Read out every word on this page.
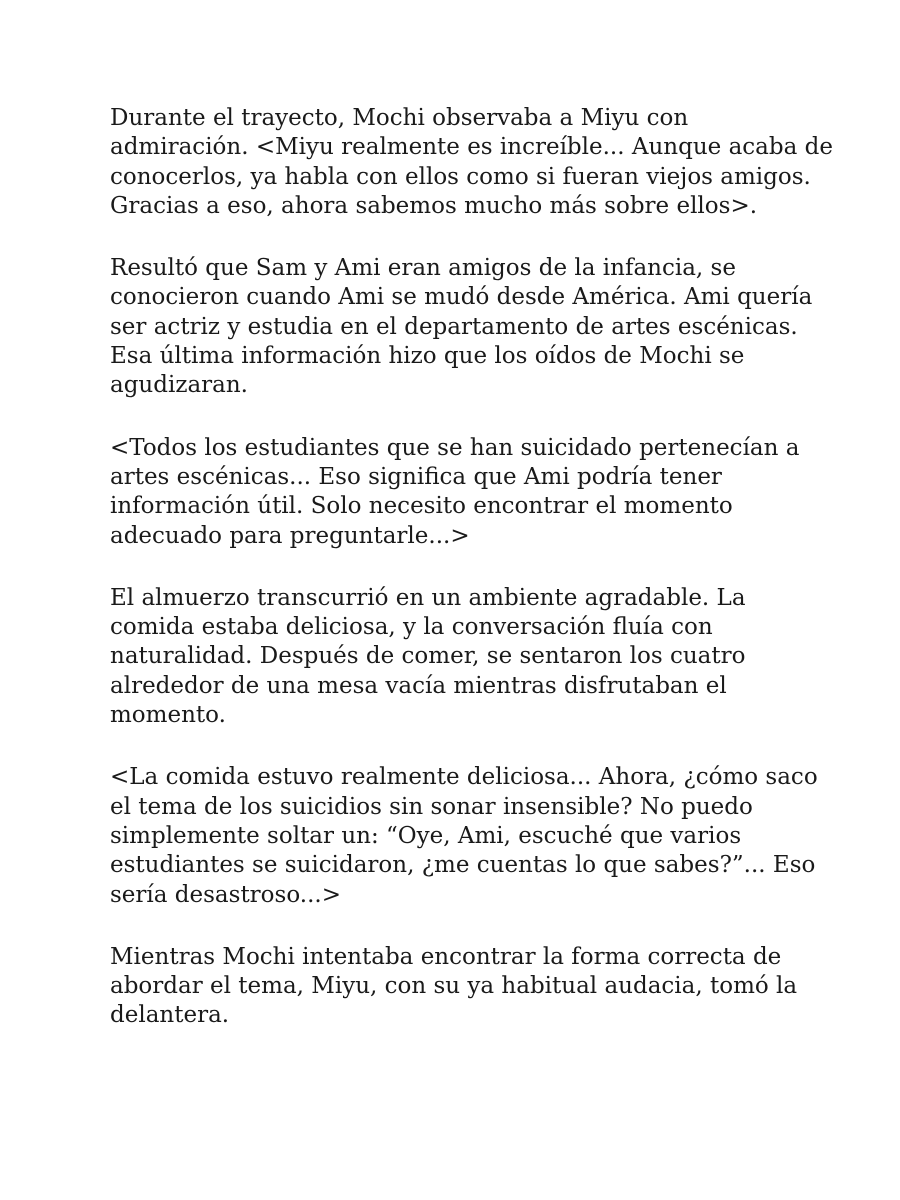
Durante el trayecto, Mochi observaba a Miyu con
admiración. <Miyu realmente es increíble... Aunque acaba de
conocerlos, ya habla con ellos como si fueran viejos amigos.
Gracias a eso, ahora sabemos mucho más sobre ellos>.
Resultó que Sam y Ami eran amigos de la infancia, se
conocieron cuando Ami se mudó desde América. Ami quería
ser actriz y estudia en el departamento de artes escénicas.
Esa última información hizo que los oídos de Mochi se
agudizaran.
<Todos los estudiantes que se han suicidado pertenecían a
artes escénicas... Eso significa que Ami podría tener
información útil. Solo necesito encontrar el momento
adecuado para preguntarle...>
El almuerzo transcurrió en un ambiente agradable. La
comida estaba deliciosa, y la conversación fluía con
naturalidad. Después de comer, se sentaron los cuatro
alrededor de una mesa vacía mientras disfrutaban el
momento.
<La comida estuvo realmente deliciosa... Ahora, ¿cómo saco
el tema de los suicidios sin sonar insensible? No puedo
simplemente soltar un: “Oye, Ami, escuché que varios
estudiantes se suicidaron, ¿me cuentas lo que sabes?”... Eso
sería desastroso...>
Mientras Mochi intentaba encontrar la forma correcta de
abordar el tema, Miyu, con su ya habitual audacia, tomó la
delantera.
